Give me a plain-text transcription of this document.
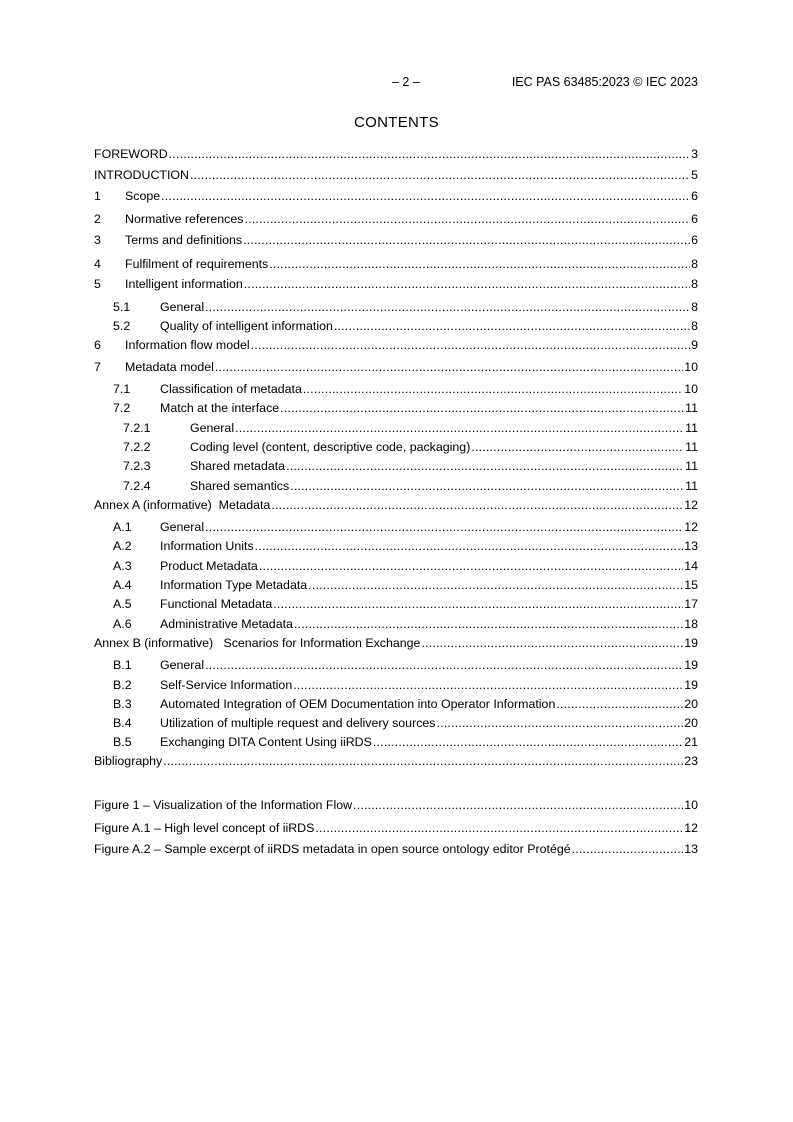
– 2 –	IEC PAS 63485:2023 © IEC 2023
CONTENTS
FOREWORD .....	3
INTRODUCTION .....	5
1	Scope .....	6
2	Normative references .....	6
3	Terms and definitions .....	6
4	Fulfilment of requirements .....	8
5	Intelligent information .....	8
5.1	General .....	8
5.2	Quality of intelligent information .....	8
6	Information flow model .....	9
7	Metadata model .....	10
7.1	Classification of metadata .....	10
7.2	Match at the interface .....	11
7.2.1	General .....	11
7.2.2	Coding level (content, descriptive code, packaging) .....	11
7.2.3	Shared metadata .....	11
7.2.4	Shared semantics .....	11
Annex A (informative)  Metadata .....	12
A.1	General .....	12
A.2	Information Units .....	13
A.3	Product Metadata .....	14
A.4	Information Type Metadata .....	15
A.5	Functional Metadata .....	17
A.6	Administrative Metadata .....	18
Annex B (informative)   Scenarios for Information Exchange .....	19
B.1	General .....	19
B.2	Self-Service Information .....	19
B.3	Automated Integration of OEM Documentation into Operator Information .....	20
B.4	Utilization of multiple request and delivery sources .....	20
B.5	Exchanging DITA Content Using iiRDS .....	21
Bibliography .....	23
Figure 1 – Visualization of the Information Flow .....	10
Figure A.1 – High level concept of iiRDS .....	12
Figure A.2 – Sample excerpt of iiRDS metadata in open source ontology editor Protégé .....	13
